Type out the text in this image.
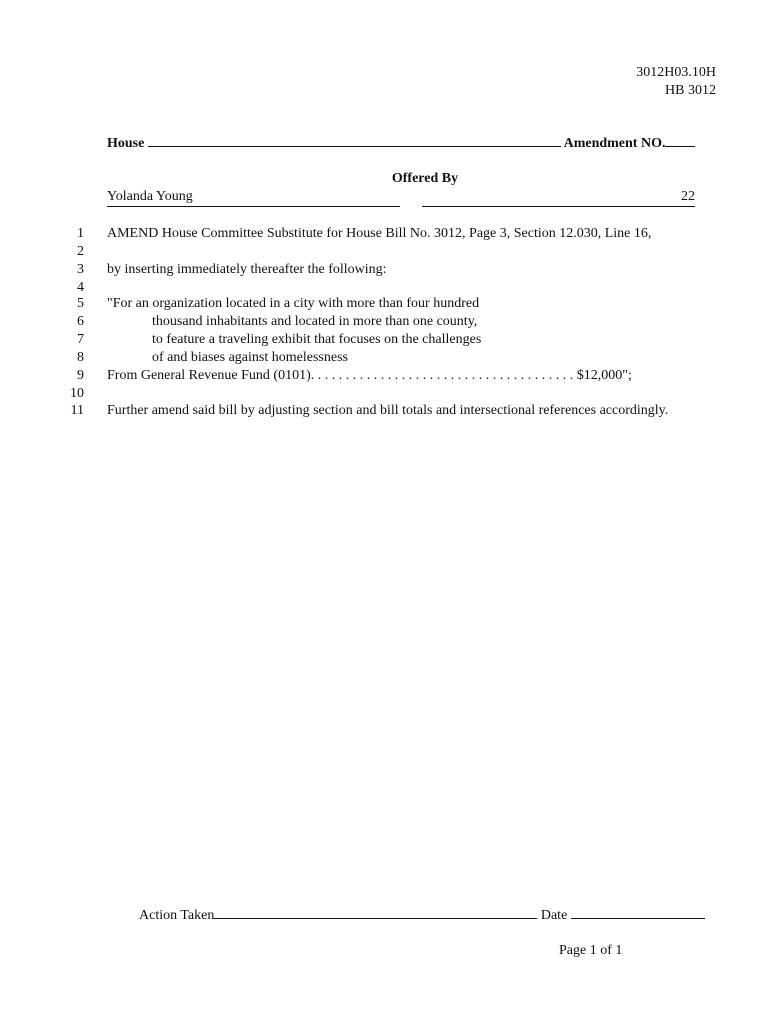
3012H03.10H
HB 3012
House	Amendment NO.
Offered By
Yolanda Young	22
1 AMEND House Committee Substitute for House Bill No. 3012, Page 3, Section 12.030, Line 16,
2
3 by inserting immediately thereafter the following:
4
5 "For an organization located in a city with more than four hundred
6	thousand inhabitants and located in more than one county,
7	to feature a traveling exhibit that focuses on the challenges
8	of and biases against homelessness
9 From General Revenue Fund (0101). . . . . . . . . . . . . . . . . . . . . . . . . . . . . . . . . . . . . . $12,000";
10
11 Further amend said bill by adjusting section and bill totals and intersectional references accordingly.
Action Taken	Date
Page 1 of 1
